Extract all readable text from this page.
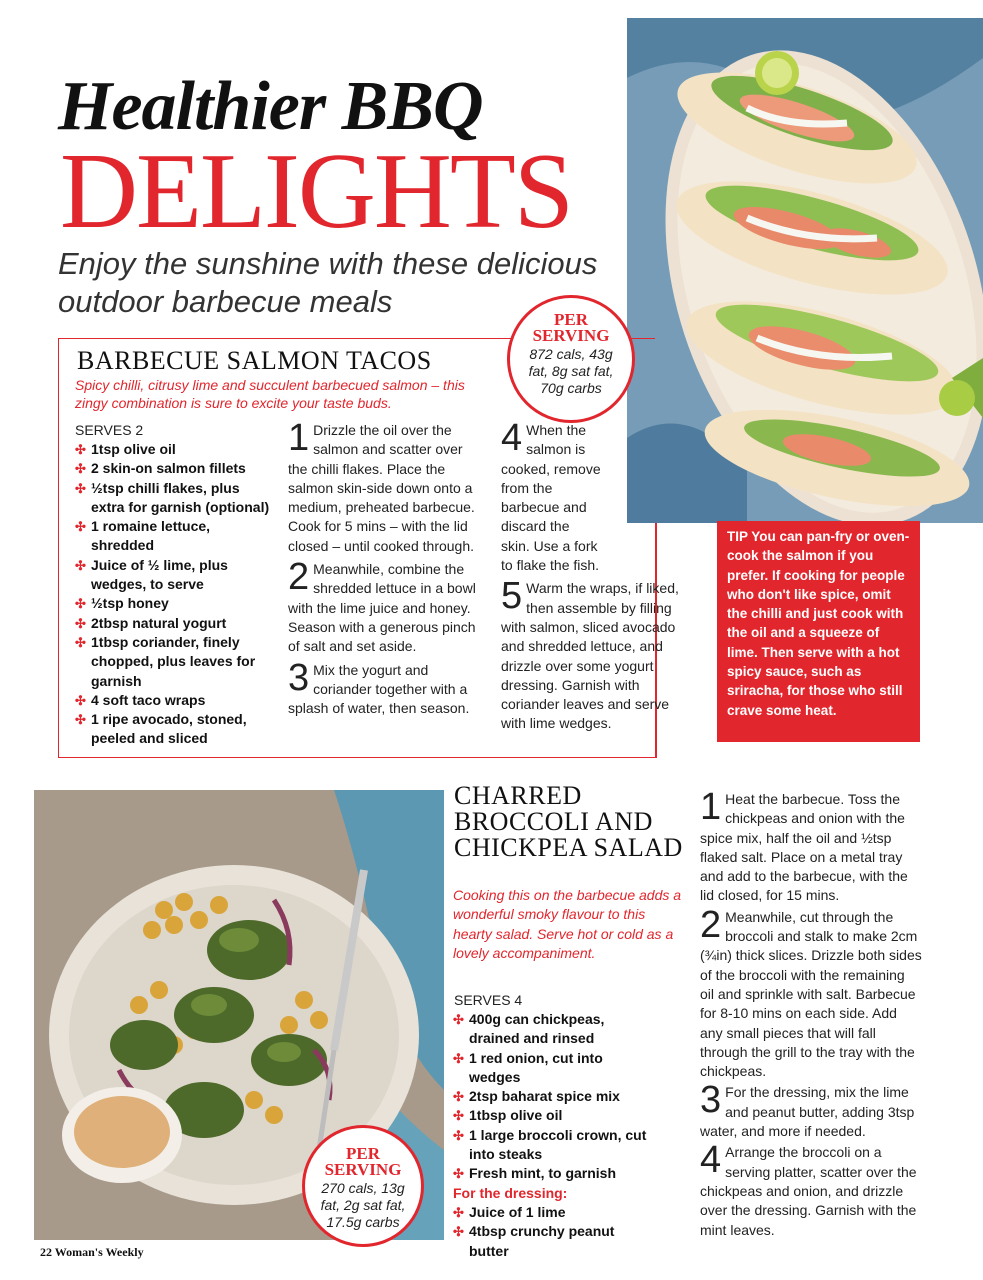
Healthier BBQ
DELIGHTS
Enjoy the sunshine with these delicious outdoor barbecue meals
BARBECUE SALMON TACOS
Spicy chilli, citrusy lime and succulent barbecued salmon – this zingy combination is sure to excite your taste buds.
SERVES 2
✣ 1tsp olive oil
✣ 2 skin-on salmon fillets
✣ ½tsp chilli flakes, plus extra for garnish (optional)
✣ 1 romaine lettuce, shredded
✣ Juice of ½ lime, plus wedges, to serve
✣ ½tsp honey
✣ 2tbsp natural yogurt
✣ 1tbsp coriander, finely chopped, plus leaves for garnish
✣ 4 soft taco wraps
✣ 1 ripe avocado, stoned, peeled and sliced

1 Drizzle the oil over the salmon and scatter over the chilli flakes. Place the salmon skin-side down onto a medium, preheated barbecue. Cook for 5 mins – with the lid closed – until cooked through.

2 Meanwhile, combine the shredded lettuce in a bowl with the lime juice and honey. Season with a generous pinch of salt and set aside.

3 Mix the yogurt and coriander together with a splash of water, then season.

4 When the salmon is cooked, remove from the barbecue and discard the skin. Use a fork to flake the fish.

5 Warm the wraps, if liked, then assemble by filling with salmon, sliced avocado and shredded lettuce, and drizzle over some yogurt dressing. Garnish with coriander leaves and serve with lime wedges.

PER SERVING
872 cals, 43g fat, 8g sat fat, 70g carbs
TIP You can pan-fry or oven-cook the salmon if you prefer. If cooking for people who don't like spice, omit the chilli and just cook with the oil and a squeeze of lime. Then serve with a hot spicy sauce, such as sriracha, for those who still crave some heat.
PER SERVING
270 cals, 13g fat, 2g sat fat, 17.5g carbs
CHARRED BROCCOLI AND CHICKPEA SALAD
Cooking this on the barbecue adds a wonderful smoky flavour to this hearty salad. Serve hot or cold as a lovely accompaniment.
SERVES 4
✣ 400g can chickpeas, drained and rinsed
✣ 1 red onion, cut into wedges
✣ 2tsp baharat spice mix
✣ 1tbsp olive oil
✣ 1 large broccoli crown, cut into steaks
✣ Fresh mint, to garnish
For the dressing:
✣ Juice of 1 lime
✣ 4tbsp crunchy peanut butter

1 Heat the barbecue. Toss the chickpeas and onion with the spice mix, half the oil and ½tsp flaked salt. Place on a metal tray and add to the barbecue, with the lid closed, for 15 mins.

2 Meanwhile, cut through the broccoli and stalk to make 2cm (¾in) thick slices. Drizzle both sides of the broccoli with the remaining oil and sprinkle with salt. Barbecue for 8-10 mins on each side. Add any small pieces that will fall through the grill to the tray with the chickpeas.

3 For the dressing, mix the lime and peanut butter, adding 3tsp water, and more if needed.

4 Arrange the broccoli on a serving platter, scatter over the chickpeas and onion, and drizzle over the dressing. Garnish with the mint leaves.

22 Woman's Weekly
